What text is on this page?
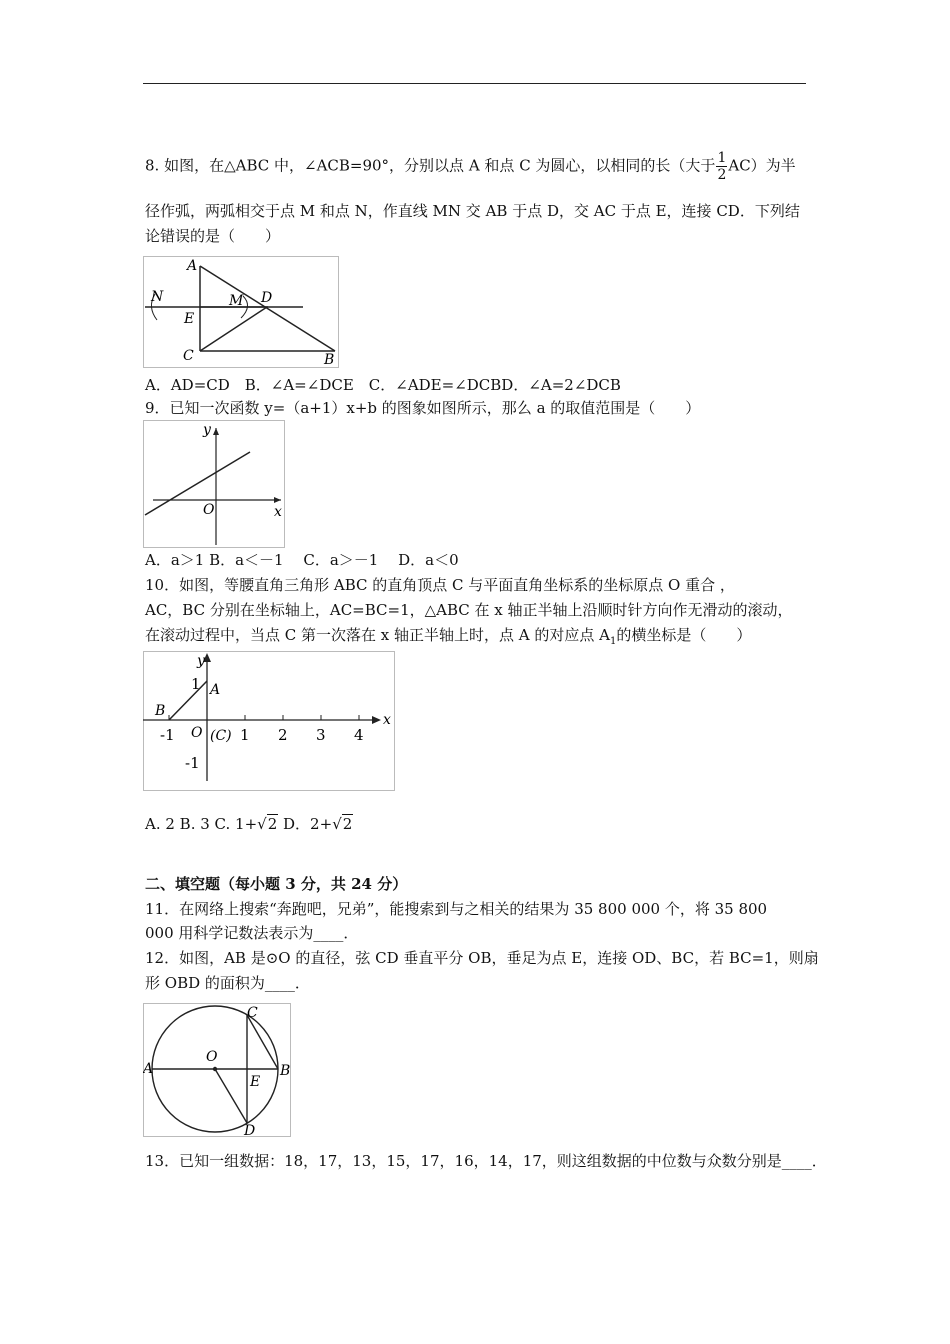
8. 如图，在△ABC 中，∠ACB=90°，分别以点 A 和点 C 为圆心，以相同的长（大于 $\frac{1}{2} AC$）为半
径作弧，两弧相交于点 M 和点 N，作直线 MN 交 AB 于点 D，交 AC 于点 E，连接 CD．下列结
论错误的是（　　）
A
N	M D
E
C	B
A．AD=CD　B．∠A=∠DCE　C．∠ADE=∠DCBD．∠A=2∠DCB
9．已知一次函数 y=（a+1）x+b 的图象如图所示，那么 a 的取值范围是（　　）
y
x
O
A．a＞1 B．a＜－1　 C．a＞－1　 D．a＜0
10．如图，等腰直角三角形 ABC 的直角顶点 C 与平面直角坐标系的坐标原点 O 重合 ，
AC，BC 分别在坐标轴上，AC=BC=1，△ABC 在 x 轴正半轴上沿顺时针方向作无滑动的滚动，
在滚动过程中，当点 C 第一次落在 x 轴正半轴上时，点 A 的对应点 $A_1$的横坐标是（　　）
y
x
A
B
1
-1 O (C) 1 2 3 4
-1
A. 2 B. 3 C. 1+√2 D．2+√2
二、填空题（每小题 3 分，共 24 分）
11．在网络上搜索“奔跑吧，兄弟”，能搜索到与之相关的结果为 35 800 000 个，将 35 800
000 用科学记数法表示为____．
12．如图，AB 是⊙O 的直径，弦 CD 垂直平分 OB，垂足为点 E，连接 OD、BC，若 BC=1，则扇
形 OBD 的面积为____．
A
O
C
E
B
D
13．已知一组数据：18，17，13，15，17，16，14，17，则这组数据的中位数与众数分别是____．
